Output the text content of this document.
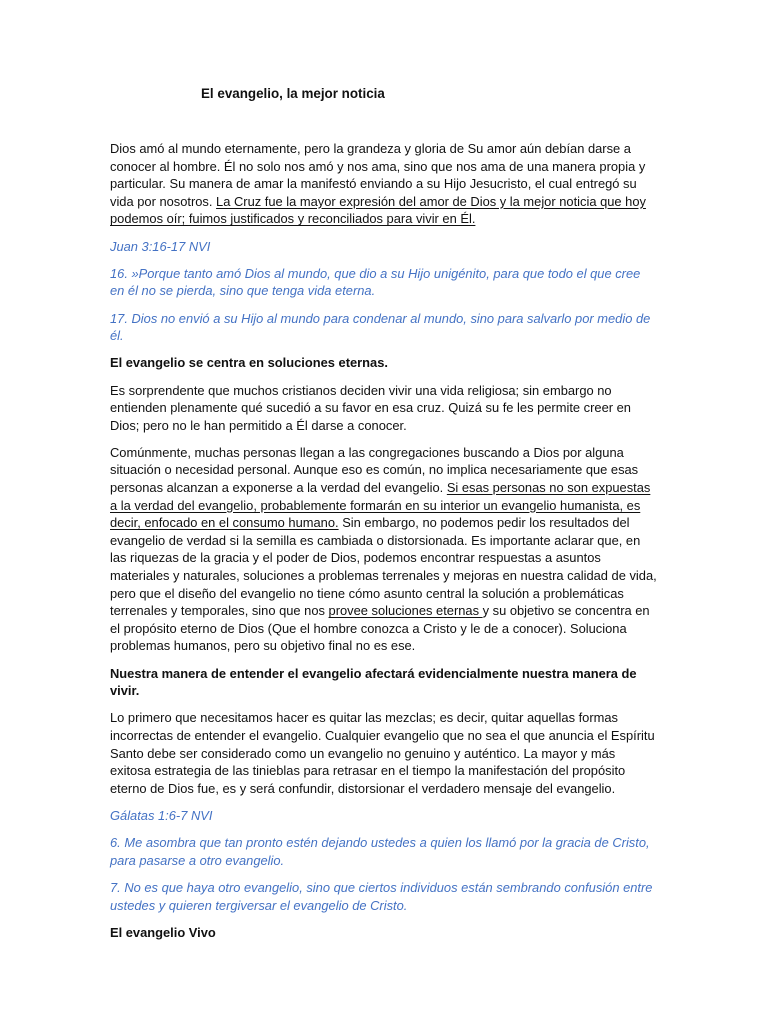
El evangelio, la mejor noticia

Dios amó al mundo eternamente, pero la grandeza y gloria de Su amor aún debían darse a conocer al hombre. Él no solo nos amó y nos ama, sino que nos ama de una manera propia y particular. Su manera de amar la manifestó enviando a su Hijo Jesucristo, el cual entregó su vida por nosotros. La Cruz fue la mayor expresión del amor de Dios y la mejor noticia que hoy podemos oír; fuimos justificados y reconciliados para vivir en Él.

Juan 3:16-17 NVI

16. »Porque tanto amó Dios al mundo, que dio a su Hijo unigénito, para que todo el que cree en él no se pierda, sino que tenga vida eterna.

17. Dios no envió a su Hijo al mundo para condenar al mundo, sino para salvarlo por medio de él.

El evangelio se centra en soluciones eternas.

Es sorprendente que muchos cristianos deciden vivir una vida religiosa; sin embargo no entienden plenamente qué sucedió a su favor en esa cruz. Quizá su fe les permite creer en Dios; pero no le han permitido a Él darse a conocer.

Comúnmente, muchas personas llegan a las congregaciones buscando a Dios por alguna situación o necesidad personal. Aunque eso es común, no implica necesariamente que esas personas alcanzan a exponerse a la verdad del evangelio. Si esas personas no son expuestas a la verdad del evangelio, probablemente formarán en su interior un evangelio humanista, es decir, enfocado en el consumo humano. Sin embargo, no podemos pedir los resultados del evangelio de verdad si la semilla es cambiada o distorsionada. Es importante aclarar que, en las riquezas de la gracia y el poder de Dios, podemos encontrar respuestas a asuntos materiales y naturales, soluciones a problemas terrenales y mejoras en nuestra calidad de vida, pero que el diseño del evangelio no tiene cómo asunto central la solución a problemáticas terrenales y temporales, sino que nos provee soluciones eternas y su objetivo se concentra en el propósito eterno de Dios (Que el hombre conozca a Cristo y le de a conocer). Soluciona problemas humanos, pero su objetivo final no es ese.

Nuestra manera de entender el evangelio afectará evidencialmente nuestra manera de vivir.

Lo primero que necesitamos hacer es quitar las mezclas; es decir, quitar aquellas formas incorrectas de entender el evangelio. Cualquier evangelio que no sea el que anuncia el Espíritu Santo debe ser considerado como un evangelio no genuino y auténtico. La mayor y más exitosa estrategia de las tinieblas para retrasar en el tiempo la manifestación del propósito eterno de Dios fue, es y será confundir, distorsionar el verdadero mensaje del evangelio.

Gálatas 1:6-7 NVI

6. Me asombra que tan pronto estén dejando ustedes a quien los llamó por la gracia de Cristo, para pasarse a otro evangelio.

7. No es que haya otro evangelio, sino que ciertos individuos están sembrando confusión entre ustedes y quieren tergiversar el evangelio de Cristo.

El evangelio Vivo
